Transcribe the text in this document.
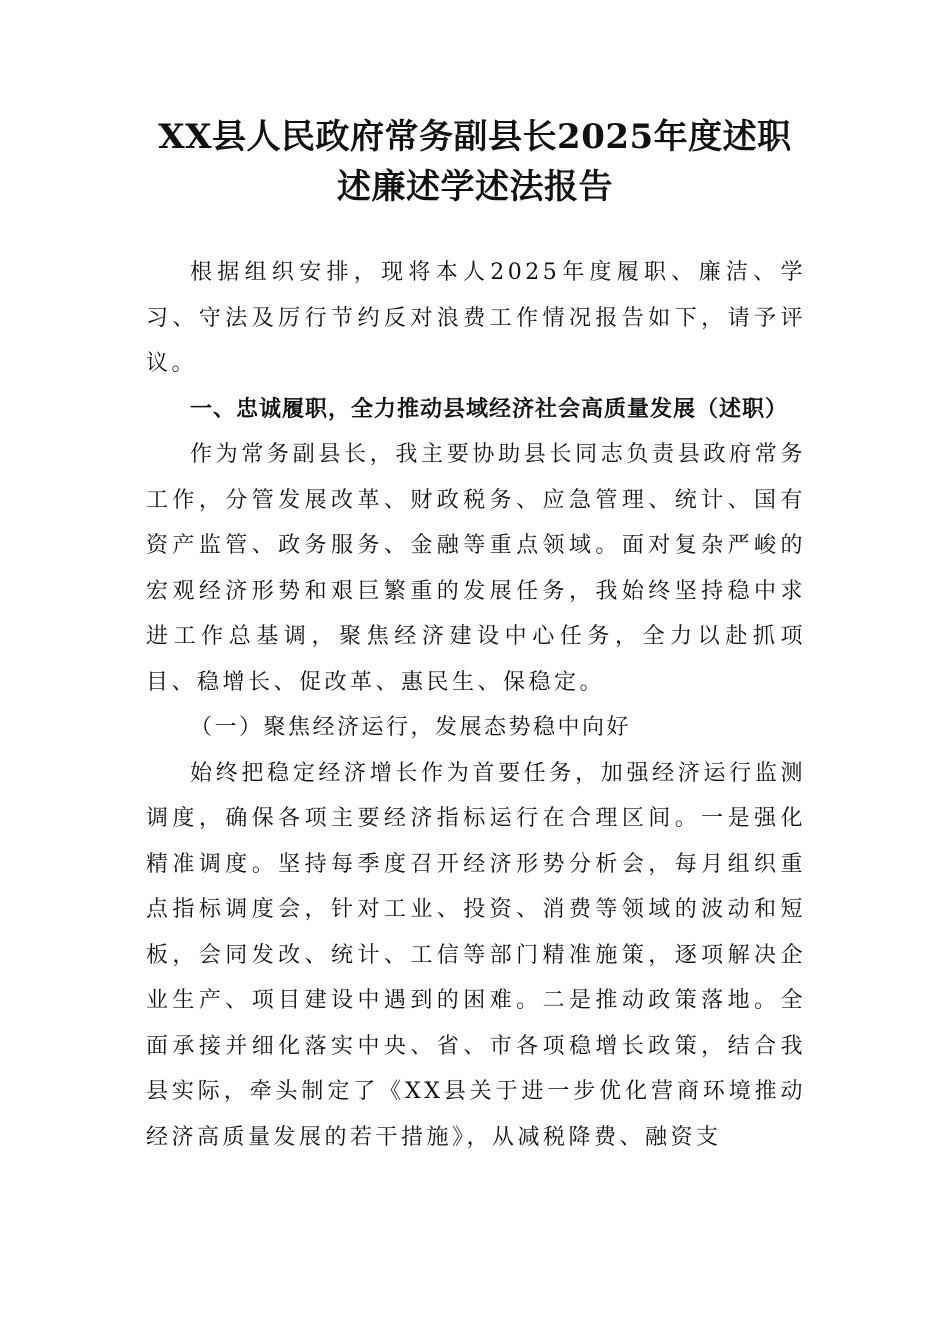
XX县人民政府常务副县长2025年度述职
述廉述学述法报告

根据组织安排，现将本人2025年度履职、廉洁、学习、守法及厉行节约反对浪费工作情况报告如下，请予评议。

一、忠诚履职，全力推动县域经济社会高质量发展（述职）

作为常务副县长，我主要协助县长同志负责县政府常务工作，分管发展改革、财政税务、应急管理、统计、国有资产监管、政务服务、金融等重点领域。面对复杂严峻的宏观经济形势和艰巨繁重的发展任务，我始终坚持稳中求进工作总基调，聚焦经济建设中心任务，全力以赴抓项目、稳增长、促改革、惠民生、保稳定。

（一）聚焦经济运行，发展态势稳中向好

始终把稳定经济增长作为首要任务，加强经济运行监测调度，确保各项主要经济指标运行在合理区间。一是强化精准调度。坚持每季度召开经济形势分析会，每月组织重点指标调度会，针对工业、投资、消费等领域的波动和短板，会同发改、统计、工信等部门精准施策，逐项解决企业生产、项目建设中遇到的困难。二是推动政策落地。全面承接并细化落实中央、省、市各项稳增长政策，结合我县实际，牵头制定了《XX县关于进一步优化营商环境推动经济高质量发展的若干措施》，从减税降费、融资支
